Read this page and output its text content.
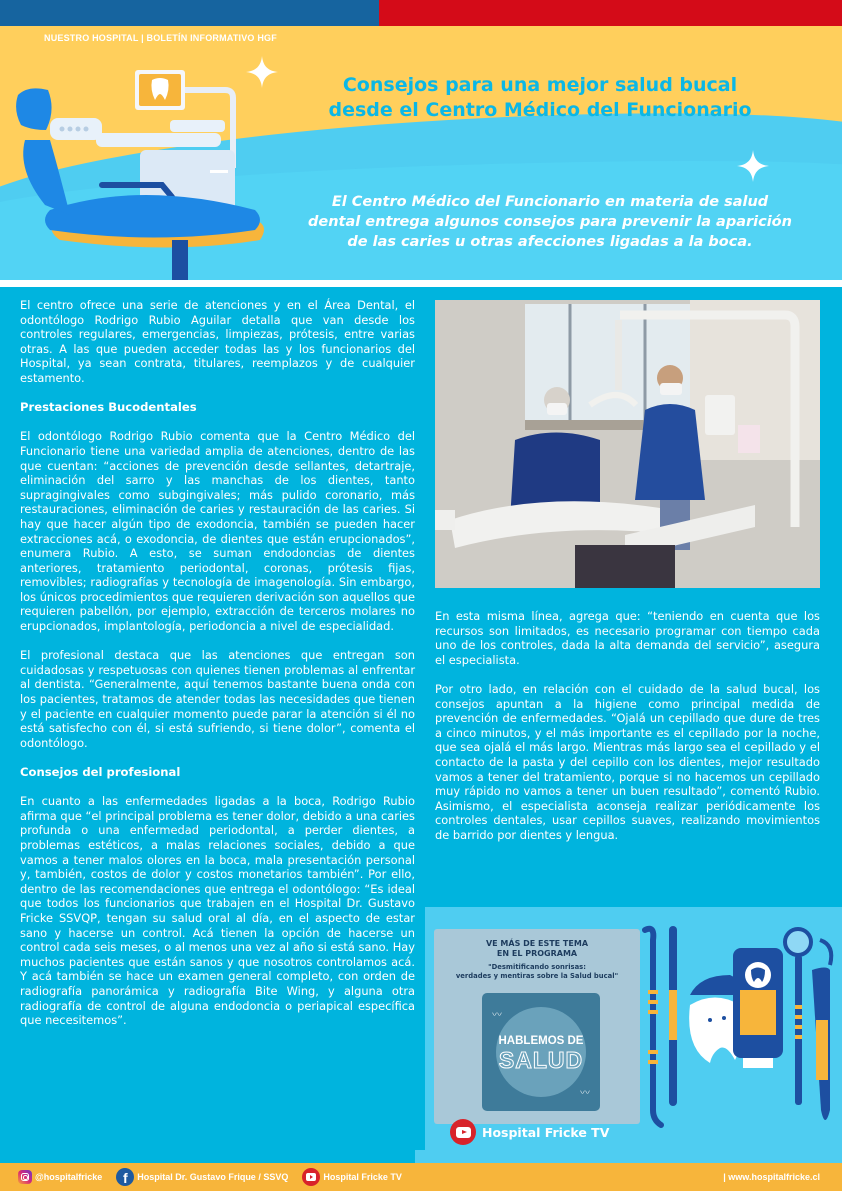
NUESTRO HOSPITAL | BOLETÍN INFORMATIVO HGF
Consejos para una mejor salud bucal
desde el Centro Médico del Funcionario
El Centro Médico del Funcionario en materia de salud
dental entrega algunos consejos para prevenir la aparición
de las caries u otras afecciones ligadas a la boca.

El centro ofrece una serie de atenciones y en el Área Dental, el odontólogo Rodrigo Rubio Aguilar detalla que van desde los controles regulares, emergencias, limpiezas, prótesis, entre varias otras. A las que pueden acceder todas las y los funcionarios del Hospital, ya sean contrata, titulares, reemplazos y de cualquier estamento.

Prestaciones Bucodentales

El odontólogo Rodrigo Rubio comenta que la Centro Médico del Funcionario tiene una variedad amplia de atenciones, dentro de las que cuentan: “acciones de prevención desde sellantes, detartraje, eliminación del sarro y las manchas de los dientes, tanto supragingivales como subgingivales; más pulido coronario, más restauraciones, eliminación de caries y restauración de las caries. Si hay que hacer algún tipo de exodoncia, también se pueden hacer extracciones acá, o exodoncia, de dientes que están erupcionados”, enumera Rubio. A esto, se suman endodoncias de dientes anteriores, tratamiento periodontal, coronas, prótesis fijas, removibles; radiografías y tecnología de imagenología. Sin embargo, los únicos procedimientos que requieren derivación son aquellos que requieren pabellón, por ejemplo, extracción de terceros molares no erupcionados, implantología, periodoncia a nivel de especialidad.

El profesional destaca que las atenciones que entregan son cuidadosas y respetuosas con quienes tienen problemas al enfrentar al dentista. “Generalmente, aquí tenemos bastante buena onda con los pacientes, tratamos de atender todas las necesidades que tienen y el paciente en cualquier momento puede parar la atención si él no está satisfecho con él, si está sufriendo, si tiene dolor”, comenta el odontólogo.

Consejos del profesional

En cuanto a las enfermedades ligadas a la boca, Rodrigo Rubio afirma que “el principal problema es tener dolor, debido a una caries profunda o una enfermedad periodontal, a perder dientes, a problemas estéticos, a malas relaciones sociales, debido a que vamos a tener malos olores en la boca, mala presentación personal y, también, costos de dolor y costos monetarios también”. Por ello, dentro de las recomendaciones que entrega el odontólogo: “Es ideal que todos los funcionarios que trabajen en el Hospital Dr. Gustavo Fricke SSVQP, tengan su salud oral al día, en el aspecto de estar sano y hacerse un control. Acá tienen la opción de hacerse un control cada seis meses, o al menos una vez al año si está sano. Hay muchos pacientes que están sanos y que nosotros controlamos acá. Y acá también se hace un examen general completo, con orden de radiografía panorámica y radiografía Bite Wing, y alguna otra radiografía de control de alguna endodoncia o periapical específica que necesitemos”.

En esta misma línea, agrega que: “teniendo en cuenta que los recursos son limitados, es necesario programar con tiempo cada uno de los controles, dada la alta demanda del servicio”, asegura el especialista.

Por otro lado, en relación con el cuidado de la salud bucal, los consejos apuntan a la higiene como principal medida de prevención de enfermedades. “Ojalá un cepillado que dure de tres a cinco minutos, y el más importante es el cepillado por la noche, que sea ojalá el más largo. Mientras más largo sea el cepillado y el contacto de la pasta y del cepillo con los dientes, mejor resultado vamos a tener del tratamiento, porque si no hacemos un cepillado muy rápido no vamos a tener un buen resultado”, comentó Rubio. Asimismo, el especialista aconseja realizar periódicamente los controles dentales, usar cepillos suaves, realizando movimientos de barrido por dientes y lengua.

VE MÁS DE ESTE TEMA
EN EL PROGRAMA
"Desmitificando sonrisas:
verdades y mentiras sobre la Salud bucal"
〰
〰
HABLEMOS DE
SALUD
Hospital Fricke TV
@hospitalfricke	f	Hospital Dr. Gustavo Frique / SSVQ	Hospital Fricke TV	| www.hospitalfricke.cl
